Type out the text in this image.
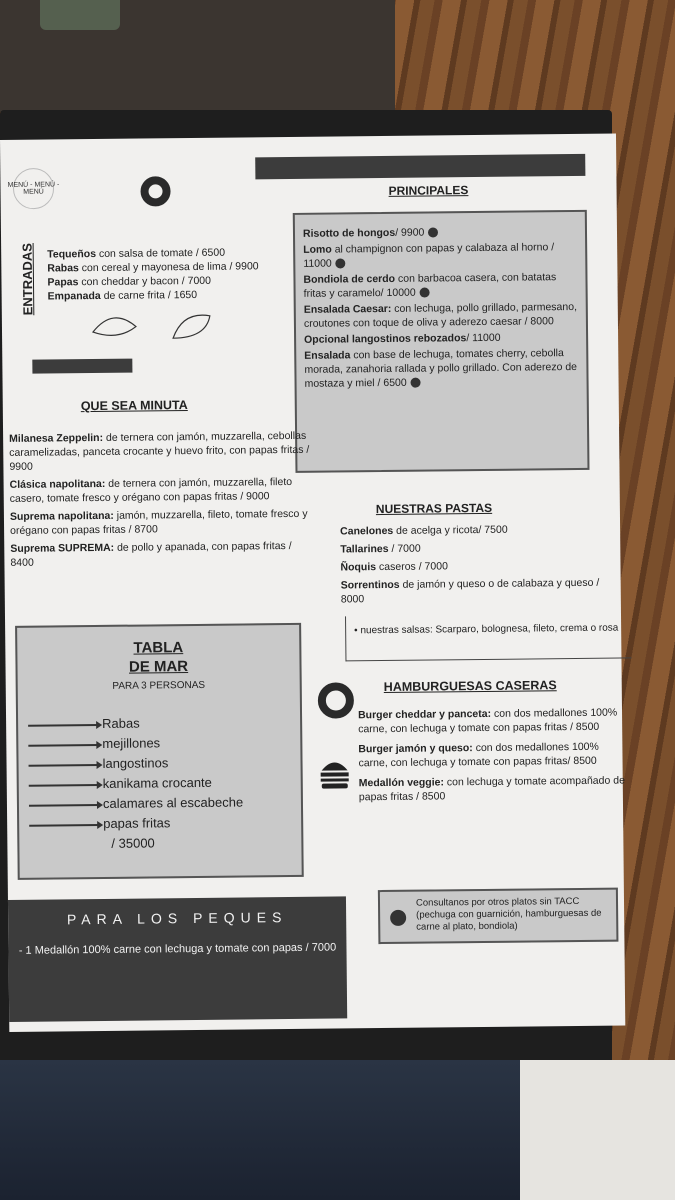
MENÚ - MENÚ - MENÚ
ENTRADAS Tequeños con salsa de tomate / 6500
Rabas con cereal y mayonesa de lima / 9900
Papas con cheddar y bacon / 7000
Empanada de carne frita / 1650
PRINCIPALES
Risotto de hongos/ 9900
Lomo al champignon con papas y calabaza al horno / 11000
Bondiola de cerdo con barbacoa casera, con batatas fritas y caramelo/ 10000
Ensalada Caesar: con lechuga, pollo grillado, parmesano, croutones con toque de oliva y aderezo caesar / 8000
Opcional langostinos rebozados/ 11000
Ensalada con base de lechuga, tomates cherry, cebolla morada, zanahoria rallada y pollo grillado. Con aderezo de mostaza y miel / 6500
QUE SEA MINUTA
Milanesa Zeppelin: de ternera con jamón, muzzarella, cebollas caramelizadas, panceta crocante y huevo frito, con papas fritas / 9900
Clásica napolitana: de ternera con jamón, muzzarella, fileto casero, tomate fresco y orégano con papas fritas / 9000
Suprema napolitana: jamón, muzzarella, fileto, tomate fresco y orégano con papas fritas / 8700
Suprema SUPREMA: de pollo y apanada, con papas fritas / 8400
NUESTRAS PASTAS
Canelones de acelga y ricota/ 7500
Tallarines / 7000
Ñoquis caseros / 7000
Sorrentinos de jamón y queso o de calabaza y queso / 8000
• nuestras salsas: Scarparo, bolognesa, fileto, crema o rosa
TABLA
DE MAR
PARA 3 PERSONAS
Rabas
mejillones
langostinos
kanikama crocante
calamares al escabeche
papas fritas
/ 35000
HAMBURGUESAS CASERAS
Burger cheddar y panceta: con dos medallones 100% carne, con lechuga y tomate con papas fritas / 8500
Burger jamón y queso: con dos medallones 100% carne, con lechuga y tomate con papas fritas/ 8500
Medallón veggie: con lechuga y tomate acompañado de papas fritas / 8500
PARA LOS PEQUES
- 1 Medallón 100% carne con lechuga y tomate con papas / 7000
Consultanos por otros platos sin TACC (pechuga con guarnición, hamburguesas de carne al plato, bondiola)
